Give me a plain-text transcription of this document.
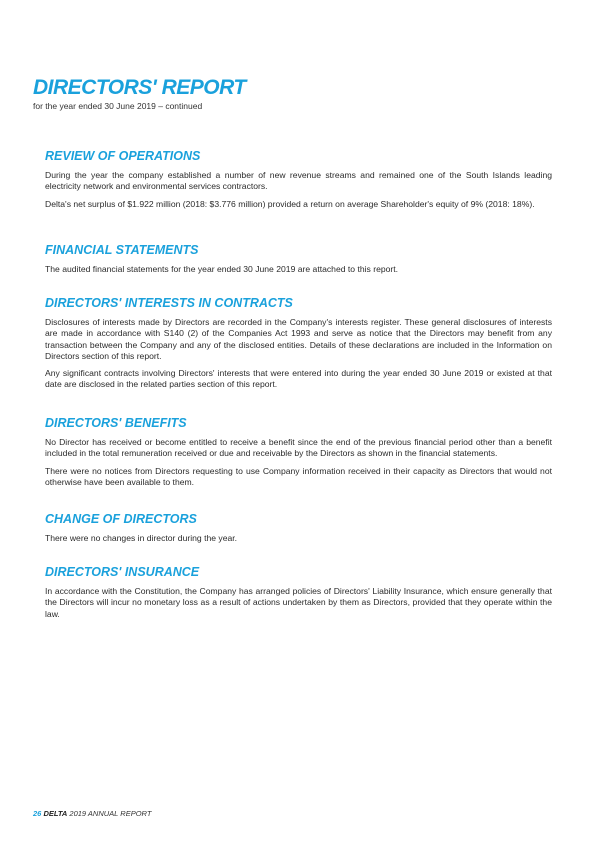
DIRECTORS' REPORT
for the year ended 30 June 2019 – continued
REVIEW OF OPERATIONS

During the year the company established a number of new revenue streams and remained one of the South Islands leading electricity network and environmental services contractors.

Delta's net surplus of $1.922 million (2018: $3.776 million) provided a return on average Shareholder's equity of 9% (2018: 18%).

FINANCIAL STATEMENTS

The audited financial statements for the year ended 30 June 2019 are attached to this report.

DIRECTORS' INTERESTS IN CONTRACTS

Disclosures of interests made by Directors are recorded in the Company's interests register. These general disclosures of interests are made in accordance with S140 (2) of the Companies Act 1993 and serve as notice that the Directors may benefit from any transaction between the Company and any of the disclosed entities. Details of these declarations are included in the Information on Directors section of this report.

Any significant contracts involving Directors' interests that were entered into during the year ended 30 June 2019 or existed at that date are disclosed in the related parties section of this report.

DIRECTORS' BENEFITS

No Director has received or become entitled to receive a benefit since the end of the previous financial period other than a benefit included in the total remuneration received or due and receivable by the Directors as shown in the financial statements.

There were no notices from Directors requesting to use Company information received in their capacity as Directors that would not otherwise have been available to them.

CHANGE OF DIRECTORS

There were no changes in director during the year.

DIRECTORS' INSURANCE

In accordance with the Constitution, the Company has arranged policies of Directors' Liability Insurance, which ensure generally that the Directors will incur no monetary loss as a result of actions undertaken by them as Directors, provided that they operate within the law.

26 DELTA 2019 ANNUAL REPORT
